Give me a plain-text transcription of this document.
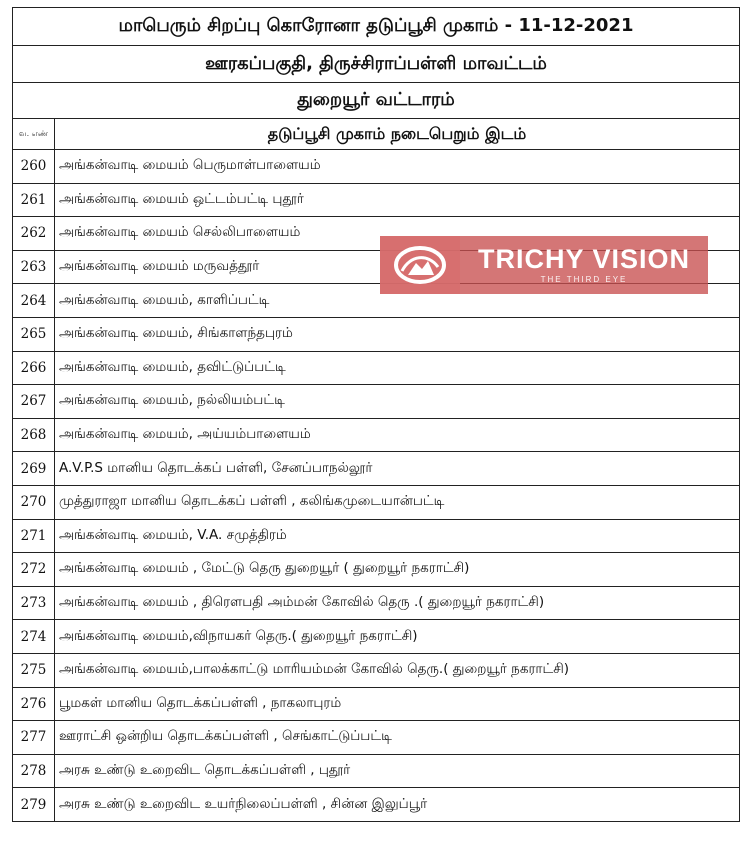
மாபெரும் சிறப்பு கொரோனா தடுப்பூசி முகாம் - 11-12-2021	
ஊரகப்பகுதி, திருச்சிராப்பள்ளி மாவட்டம்	
துறையூர் வட்டாரம்	
வ. எண்	தடுப்பூசி முகாம் நடைபெறும் இடம்
260	அங்கன்வாடி மையம் பெருமாள்பாளையம்
261	அங்கன்வாடி மையம் ஒட்டம்பட்டி புதூர்
262	அங்கன்வாடி மையம் செல்லிபாளையம்
263	அங்கன்வாடி மையம் மருவத்தூர்
264	அங்கன்வாடி மையம், காளிப்பட்டி
265	அங்கன்வாடி மையம், சிங்காளந்தபுரம்
266	அங்கன்வாடி மையம், தவிட்டுப்பட்டி
267	அங்கன்வாடி மையம், நல்லியம்பட்டி
268	அங்கன்வாடி மையம், அய்யம்பாளையம்
269	A.V.P.S மானிய தொடக்கப் பள்ளி, சேனப்பாநல்லூர்
270	முத்துராஜா மானிய தொடக்கப் பள்ளி , கலிங்கமுடையான்பட்டி
271	அங்கன்வாடி மையம், V.A. சமுத்திரம்
272	அங்கன்வாடி மையம் , மேட்டு தெரு துறையூர் ( துறையூர் நகராட்சி)
273	அங்கன்வாடி மையம் , திரௌபதி அம்மன் கோவில் தெரு .( துறையூர் நகராட்சி)
274	அங்கன்வாடி மையம்,விநாயகர் தெரு.( துறையூர் நகராட்சி)
275	அங்கன்வாடி மையம்,பாலக்காட்டு மாரியம்மன் கோவில் தெரு.( துறையூர் நகராட்சி)
276	பூமகள் மானிய தொடக்கப்பள்ளி , நாகலாபுரம்
277	ஊராட்சி ஒன்றிய தொடக்கப்பள்ளி , செங்காட்டுப்பட்டி
278	அரசு உண்டு உறைவிட தொடக்கப்பள்ளி , புதூர்
279	அரசு உண்டு உறைவிட உயர்நிலைப்பள்ளி , சின்ன இலுப்பூர்
TRICHY VISION
THE THIRD EYE
